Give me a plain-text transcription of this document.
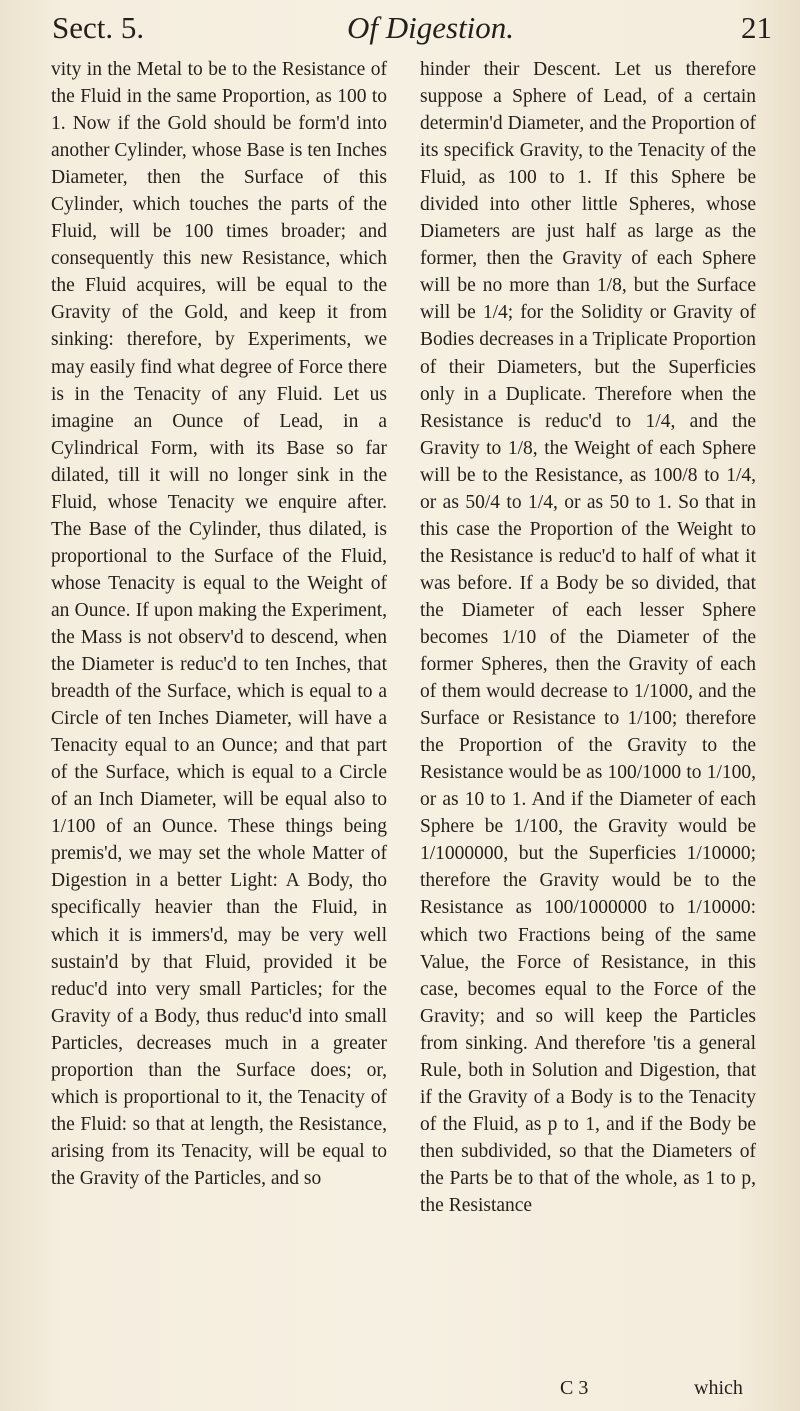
Sect. 5.	Of Digestion.	21

vity in the Metal to be to the Resistance of the Fluid in the same Proportion, as 100 to 1. Now if the Gold should be form'd into another Cylinder, whose Base is ten Inches Diameter, then the Surface of this Cylinder, which touches the parts of the Fluid, will be 100 times broader; and consequently this new Resistance, which the Fluid acquires, will be equal to the Gravity of the Gold, and keep it from sinking: therefore, by Experiments, we may easily find what degree of Force there is in the Tenacity of any Fluid. Let us imagine an Ounce of Lead, in a Cylindrical Form, with its Base so far dilated, till it will no longer sink in the Fluid, whose Tenacity we enquire after. The Base of the Cylinder, thus dilated, is proportional to the Surface of the Fluid, whose Tenacity is equal to the Weight of an Ounce. If upon making the Experiment, the Mass is not observ'd to descend, when the Diameter is reduc'd to ten Inches, that breadth of the Surface, which is equal to a Circle of ten Inches Diameter, will have a Tenacity equal to an Ounce; and that part of the Surface, which is equal to a Circle of an Inch Diameter, will be equal also to 1/100 of an Ounce. These things being premis'd, we may set the whole Matter of Digestion in a better Light: A Body, tho specifically heavier than the Fluid, in which it is immers'd, may be very well sustain'd by that Fluid, provided it be reduc'd into very small Particles; for the Gravity of a Body, thus reduc'd into small Particles, decreases much in a greater proportion than the Surface does; or, which is proportional to it, the Tenacity of the Fluid: so that at length, the Resistance, arising from its Tenacity, will be equal to the Gravity of the Particles, and so

hinder their Descent. Let us therefore suppose a Sphere of Lead, of a certain determin'd Diameter, and the Proportion of its specifick Gravity, to the Tenacity of the Fluid, as 100 to 1. If this Sphere be divided into other little Spheres, whose Diameters are just half as large as the former, then the Gravity of each Sphere will be no more than 1/8, but the Surface will be 1/4; for the Solidity or Gravity of Bodies decreases in a Triplicate Proportion of their Diameters, but the Superficies only in a Duplicate. Therefore when the Resistance is reduc'd to 1/4, and the Gravity to 1/8, the Weight of each Sphere will be to the Resistance, as 100/8 to 1/4, or as 50/4 to 1/4, or as 50 to 1. So that in this case the Proportion of the Weight to the Resistance is reduc'd to half of what it was before. If a Body be so divided, that the Diameter of each lesser Sphere becomes 1/10 of the Diameter of the former Spheres, then the Gravity of each of them would decrease to 1/1000, and the Surface or Resistance to 1/100; therefore the Proportion of the Gravity to the Resistance would be as 100/1000 to 1/100, or as 10 to 1. And if the Diameter of each Sphere be 1/100, the Gravity would be 1/1000000, but the Superficies 1/10000; therefore the Gravity would be to the Resistance as 100/1000000 to 1/10000: which two Fractions being of the same Value, the Force of Resistance, in this case, becomes equal to the Force of the Gravity; and so will keep the Particles from sinking. And therefore 'tis a general Rule, both in Solution and Digestion, that if the Gravity of a Body is to the Tenacity of the Fluid, as p to 1, and if the Body be then subdivided, so that the Diameters of the Parts be to that of the whole, as 1 to p, the Resistance

C 3	which
